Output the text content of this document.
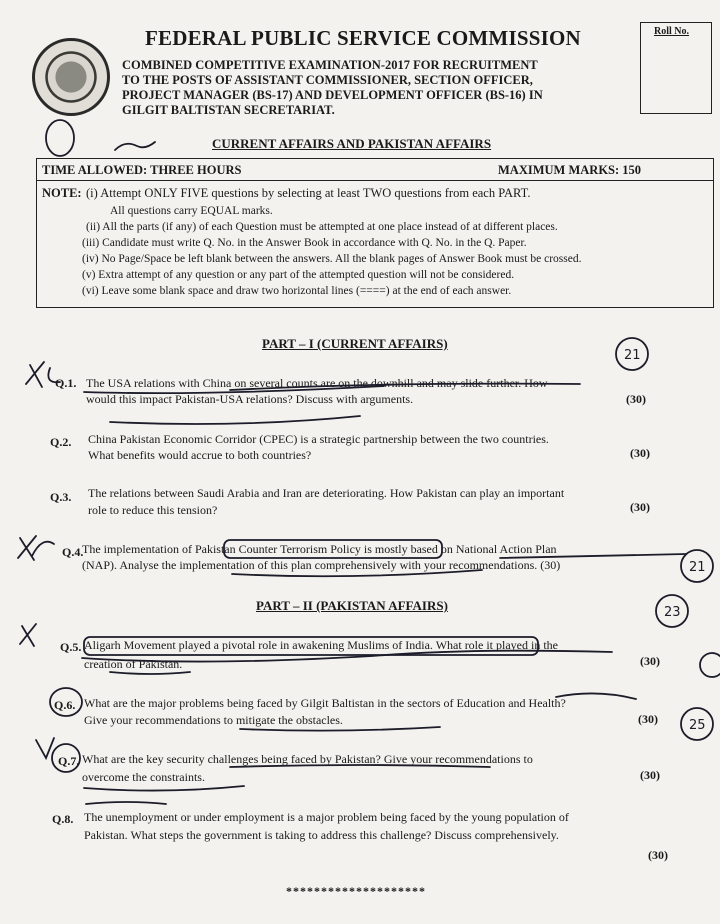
FEDERAL PUBLIC SERVICE COMMISSION	Roll No.
COMBINED COMPETITIVE EXAMINATION-2017 FOR RECRUITMENT
TO THE POSTS OF ASSISTANT COMMISSIONER, SECTION OFFICER,
PROJECT MANAGER (BS-17) AND DEVELOPMENT OFFICER (BS-16) IN
GILGIT BALTISTAN SECRETARIAT.
CURRENT AFFAIRS AND PAKISTAN AFFAIRS
TIME ALLOWED: THREE HOURS	MAXIMUM MARKS: 150
NOTE: (i) Attempt ONLY FIVE questions by selecting at least TWO questions from each PART.
All questions carry EQUAL marks.
(ii) All the parts (if any) of each Question must be attempted at one place instead of at different places.
(iii) Candidate must write Q. No. in the Answer Book in accordance with Q. No. in the Q. Paper.
(iv) No Page/Space be left blank between the answers. All the blank pages of Answer Book must be crossed.
(v) Extra attempt of any question or any part of the attempted question will not be considered.
(vi) Leave some blank space and draw two horizontal lines (====) at the end of each answer.
PART – I (CURRENT AFFAIRS)
Q.1. The USA relations with China on several counts are on the downhill and may slide further. How
would this impact Pakistan-USA relations? Discuss with arguments.	(30)
Q.2. China Pakistan Economic Corridor (CPEC) is a strategic partnership between the two countries.
What benefits would accrue to both countries?	(30)
Q.3. The relations between Saudi Arabia and Iran are deteriorating. How Pakistan can play an important
role to reduce this tension?	(30)
Q.4.
The implementation of Pakistan Counter Terrorism Policy is mostly based on National Action Plan
(NAP). Analyse the implementation of this plan comprehensively with your recommendations. (30)
PART – II (PAKISTAN AFFAIRS)
Q.5. Aligarh Movement played a pivotal role in awakening Muslims of India. What role it played in the
creation of Pakistan.	(30)
Q.6. What are the major problems being faced by Gilgit Baltistan in the sectors of Education and Health?
Give your recommendations to mitigate the obstacles.	(30)
Q.7. What are the key security challenges being faced by Pakistan? Give your recommendations to
overcome the constraints.	(30)
Q.8. The unemployment or under employment is a major problem being faced by the young population of
Pakistan. What steps the government is taking to address this challenge? Discuss comprehensively.
(30)
********************
21
21
23
25
